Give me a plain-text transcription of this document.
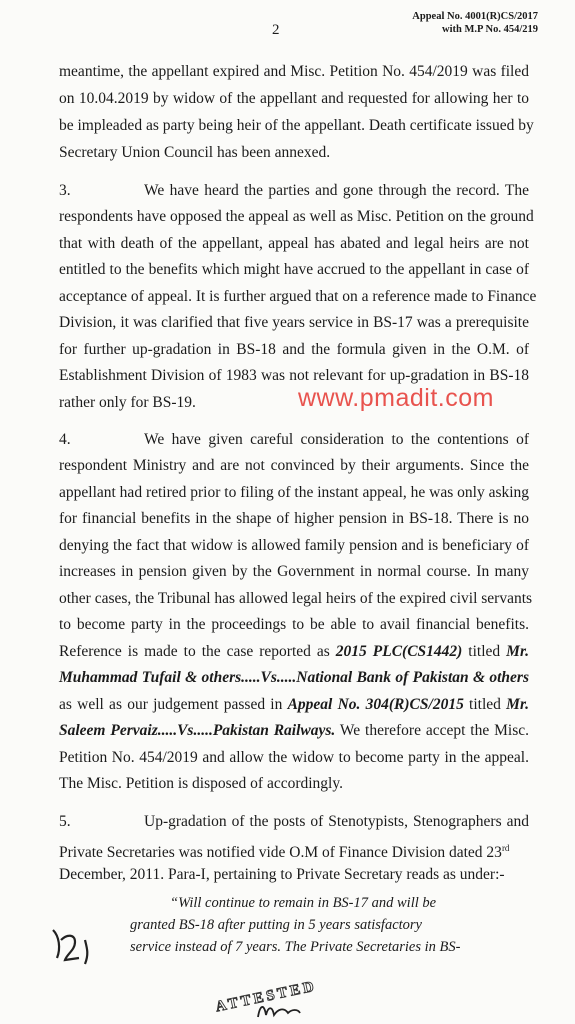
2
Appeal No. 4001(R)CS/2017
with M.P No. 454/219
meantime, the appellant expired and Misc. Petition No. 454/2019 was filed
on 10.04.2019 by widow of the appellant and requested for allowing her to
be impleaded as party being heir of the appellant. Death certificate issued by
Secretary Union Council has been annexed.
3.	We have heard the parties and gone through the record. The
respondents have opposed the appeal as well as Misc. Petition on the ground
that with death of the appellant, appeal has abated and legal heirs are not
entitled to the benefits which might have accrued to the appellant in case of
acceptance of appeal. It is further argued that on a reference made to Finance
Division, it was clarified that five years service in BS-17 was a prerequisite
for further up-gradation in BS-18 and the formula given in the O.M. of
Establishment Division of 1983 was not relevant for up-gradation in BS-18
rather only for BS-19.	www.pmadit.com
4.	We have given careful consideration to the contentions of
respondent Ministry and are not convinced by their arguments. Since the
appellant had retired prior to filing of the instant appeal, he was only asking
for financial benefits in the shape of higher pension in BS-18. There is no
denying the fact that widow is allowed family pension and is beneficiary of
increases in pension given by the Government in normal course. In many
other cases, the Tribunal has allowed legal heirs of the expired civil servants
to become party in the proceedings to be able to avail financial benefits.
Reference is made to the case reported as 2015 PLC(CS1442) titled Mr.
Muhammad Tufail & others.....Vs.....National Bank of Pakistan & others
as well as our judgement passed in Appeal No. 304(R)CS/2015 titled Mr.
Saleem Pervaiz.....Vs.....Pakistan Railways. We therefore accept the Misc.
Petition No. 454/2019 and allow the widow to become party in the appeal.
The Misc. Petition is disposed of accordingly.
5.	Up-gradation of the posts of Stenotypists, Stenographers and
Private Secretaries was notified vide O.M of Finance Division dated 23rd
December, 2011. Para-I, pertaining to Private Secretary reads as under:-
“Will continue to remain in BS-17 and will be
granted BS-18 after putting in 5 years satisfactory
service instead of 7 years. The Private Secretaries in BS-
ATTESTED
